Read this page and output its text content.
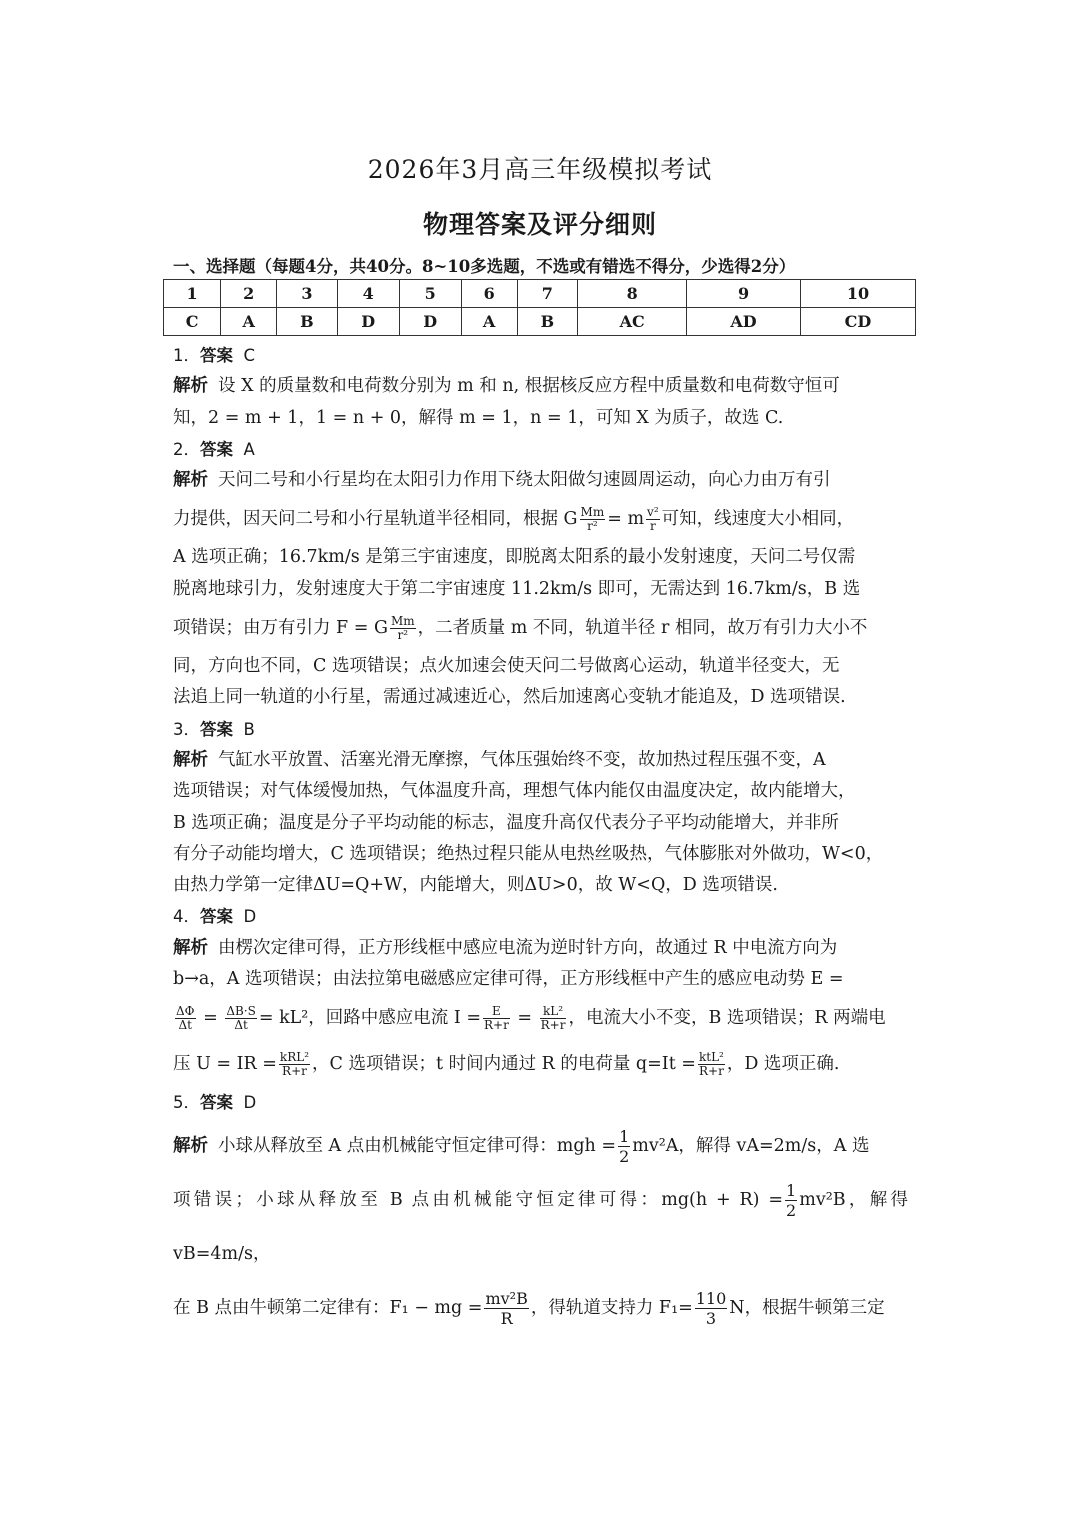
2026年3月高三年级模拟考试
物理答案及评分细则
一、选择题（每题4分，共40分。8~10多选题，不选或有错选不得分，少选得2分）
1	2	3	4	5	6	7	8	9	10
C	A	B	D	D	A	B	AC	AD	CD

1．答案 C

解析 设 X 的质量数和电荷数分别为 m 和 n, 根据核反应方程中质量数和电荷数守恒可

知，2 = m + 1，1 = n + 0，解得 m = 1，n = 1，可知 X 为质子，故选 C.

2．答案 A

解析 天问二号和小行星均在太阳引力作用下绕太阳做匀速圆周运动，向心力由万有引

力提供，因天问二号和小行星轨道半径相同，根据 G $\frac{Mm}{\text{r²}} = m \frac{\text{v²}}{r}$ 可知，线速度大小相同，

A 选项正确；16.7km/s 是第三宇宙速度，即脱离太阳系的最小发射速度，天问二号仅需

脱离地球引力，发射速度大于第二宇宙速度 11.2km/s 即可，无需达到 16.7km/s，B 选

项错误；由万有引力 F = G $\frac{Mm}{\text{r²}}$ ，二者质量 m 不同，轨道半径 r 相同，故万有引力大小不

同，方向也不同，C 选项错误；点火加速会使天问二号做离心运动，轨道半径变大，无

法追上同一轨道的小行星，需通过减速近心，然后加速离心变轨才能追及，D 选项错误.

3．答案 B

解析 气缸水平放置、活塞光滑无摩擦，气体压强始终不变，故加热过程压强不变，A

选项错误；对气体缓慢加热，气体温度升高，理想气体内能仅由温度决定，故内能增大，

B 选项正确；温度是分子平均动能的标志，温度升高仅代表分子平均动能增大，并非所

有分子动能均增大，C 选项错误；绝热过程只能从电热丝吸热，气体膨胀对外做功，W<0，

由热力学第一定律ΔU=Q+W，内能增大，则ΔU>0，故 W<Q，D 选项错误.

4．答案 D

解析 由楞次定律可得，正方形线框中感应电流为逆时针方向，故通过 R 中电流方向为

b→a，A 选项错误；由法拉第电磁感应定律可得，正方形线框中产生的感应电动势 E =

$\frac{\Delta\Phi}{\Delta t} = \frac{\Delta B\cdot S}{\Delta t} = kL^2$，回路中感应电流 $I = \frac{E}{R+r} = \frac{\text{kL²}}{R+r}$ ，电流大小不变，B 选项错误；R 两端电

压 U = IR = kRL²
R+r ，C 选项错误；t 时间内通过 R 的电荷量 q=It = ktL²
R+r ，D 选项正确.

5．答案 D

解析 小球从释放至 A 点由机械能守恒定律可得：mgh = $\frac{1}{2} mv^2A$，解得 vA=2m/s，A 选

项错误；小球从释放至 B 点由机械能守恒定律可得：$mg(h + R) = \frac{1}{2} mv^2B$，解得 vB=4m/s，

在 B 点由牛顿第二定律有：F₁ − mg = $\frac{\text{mv²B}}{R}$ ，得轨道支持力 $F_1= \frac{110}{3}$ N，根据牛顿第三定
